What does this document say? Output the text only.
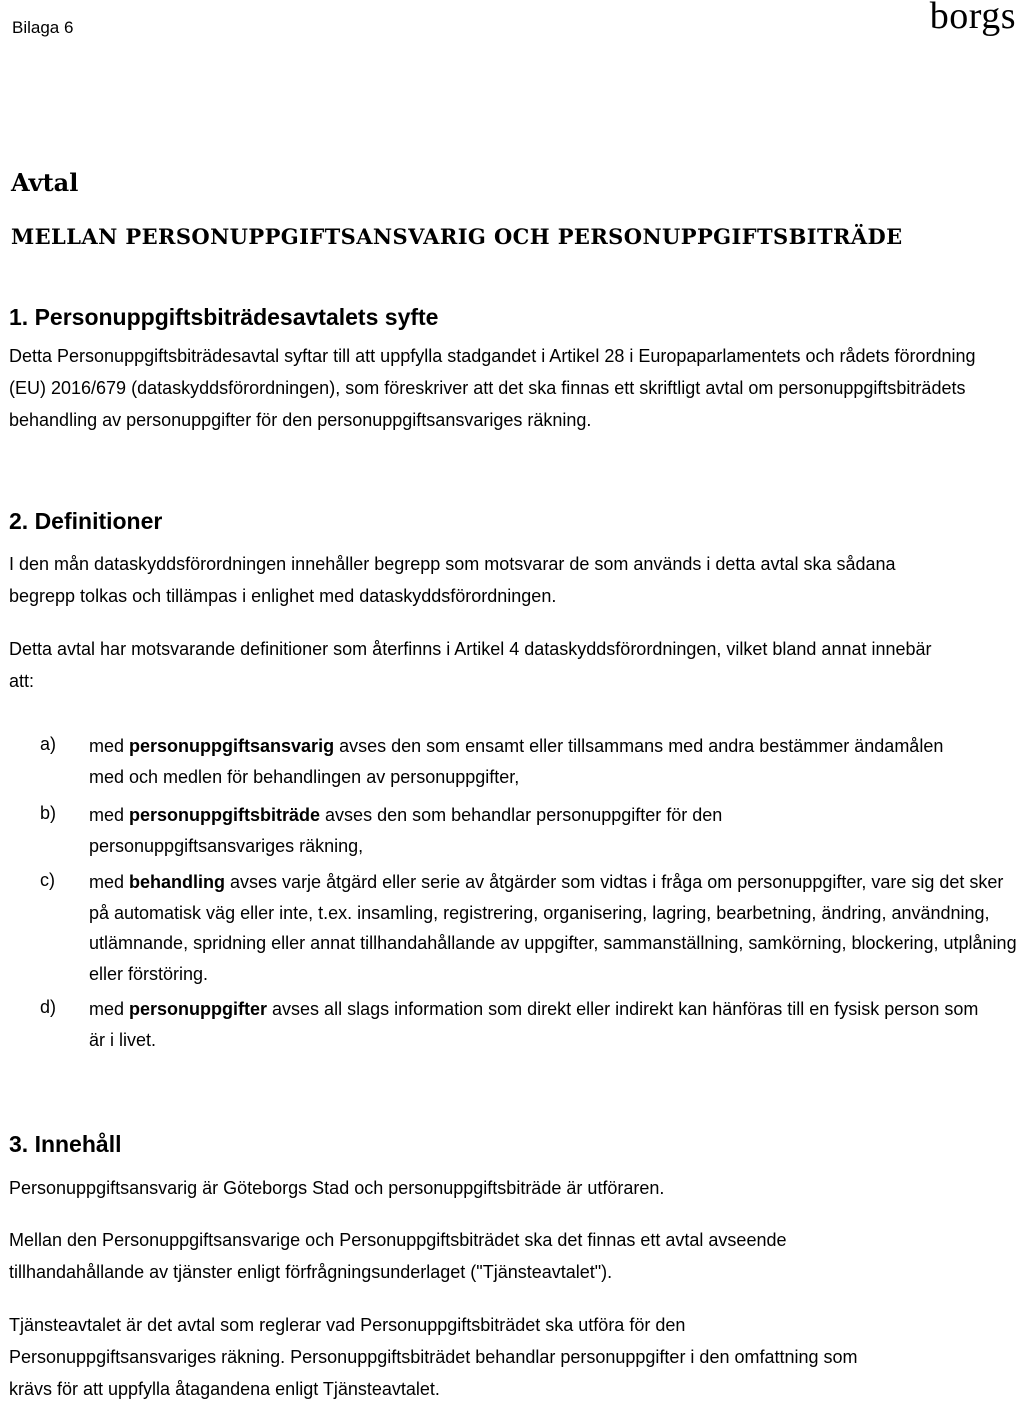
Bilaga 6	borgs
Avtal
MELLAN PERSONUPPGIFTSANSVARIG OCH PERSONUPPGIFTSBITRÄDE
1. Personuppgiftsbiträdesavtalets syfte
Detta Personuppgiftsbiträdesavtal syftar till att uppfylla stadgandet i Artikel 28 i Europaparlamentets och rådets förordning (EU) 2016/679 (dataskyddsförordningen), som föreskriver att det ska finnas ett skriftligt avtal om personuppgiftsbiträdets behandling av personuppgifter för den personuppgiftsansvariges räkning.
2. Definitioner
I den mån dataskyddsförordningen innehåller begrepp som motsvarar de som används i detta avtal ska sådana begrepp tolkas och tillämpas i enlighet med dataskyddsförordningen.
Detta avtal har motsvarande definitioner som återfinns i Artikel 4 dataskyddsförordningen, vilket bland annat innebär att:
a) med personuppgiftsansvarig avses den som ensamt eller tillsammans med andra bestämmer ändamålen med och medlen för behandlingen av personuppgifter,
b) med personuppgiftsbiträde avses den som behandlar personuppgifter för den personuppgiftsansvariges räkning,
c) med behandling avses varje åtgärd eller serie av åtgärder som vidtas i fråga om personuppgifter, vare sig det sker på automatisk väg eller inte, t.ex. insamling, registrering, organisering, lagring, bearbetning, ändring, användning, utlämnande, spridning eller annat tillhandahållande av uppgifter, sammanställning, samkörning, blockering, utplåning eller förstöring.
d) med personuppgifter avses all slags information som direkt eller indirekt kan hänföras till en fysisk person som är i livet.
3. Innehåll
Personuppgiftsansvarig är Göteborgs Stad och personuppgiftsbiträde är utföraren.
Mellan den Personuppgiftsansvarige och Personuppgiftsbiträdet ska det finnas ett avtal avseende tillhandahållande av tjänster enligt förfrågningsunderlaget ("Tjänsteavtalet").
Tjänsteavtalet är det avtal som reglerar vad Personuppgiftsbiträdet ska utföra för den Personuppgiftsansvariges räkning. Personuppgiftsbiträdet behandlar personuppgifter i den omfattning som krävs för att uppfylla åtagandena enligt Tjänsteavtalet.
